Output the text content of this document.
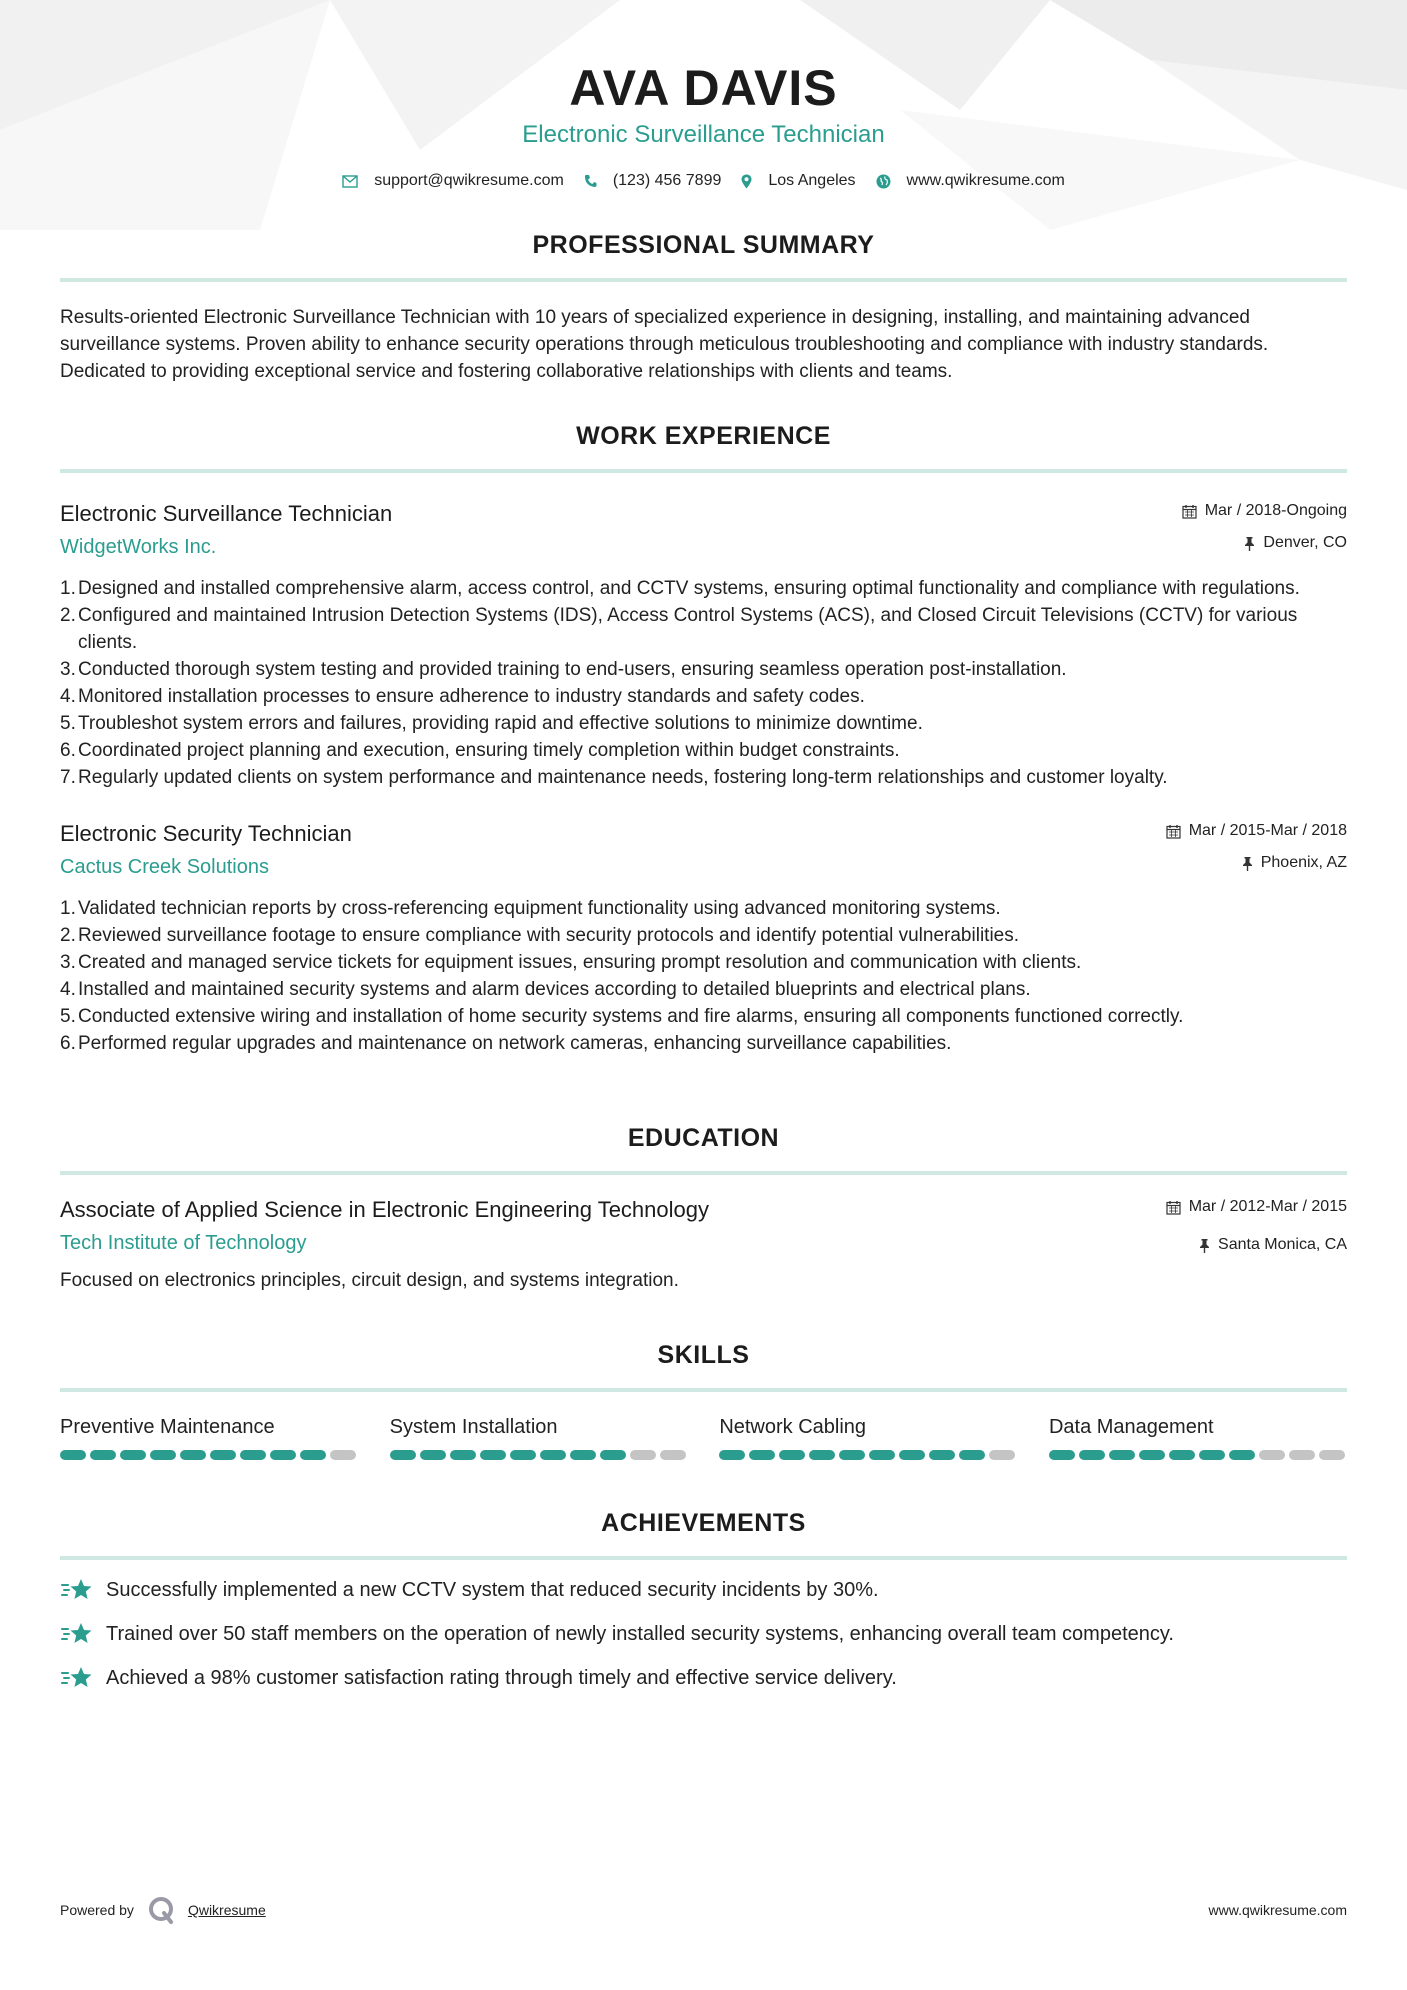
AVA DAVIS
Electronic Surveillance Technician
support@qwikresume.com	(123) 456 7899	Los Angeles	www.qwikresume.com
PROFESSIONAL SUMMARY

Results-oriented Electronic Surveillance Technician with 10 years of specialized experience in designing, installing, and maintaining advanced surveillance systems. Proven ability to enhance security operations through meticulous troubleshooting and compliance with industry standards. Dedicated to providing exceptional service and fostering collaborative relationships with clients and teams.

WORK EXPERIENCE
Electronic Surveillance Technician
WidgetWorks Inc.
Mar / 2018-Ongoing
Denver, CO
1. Designed and installed comprehensive alarm, access control, and CCTV systems, ensuring optimal functionality and compliance with regulations.
2. Configured and maintained Intrusion Detection Systems (IDS), Access Control Systems (ACS), and Closed Circuit Televisions (CCTV) for various clients.
3. Conducted thorough system testing and provided training to end-users, ensuring seamless operation post-installation.
4. Monitored installation processes to ensure adherence to industry standards and safety codes.
5. Troubleshot system errors and failures, providing rapid and effective solutions to minimize downtime.
6. Coordinated project planning and execution, ensuring timely completion within budget constraints.
7. Regularly updated clients on system performance and maintenance needs, fostering long-term relationships and customer loyalty.
Electronic Security Technician
Cactus Creek Solutions
Mar / 2015-Mar / 2018
Phoenix, AZ
1. Validated technician reports by cross-referencing equipment functionality using advanced monitoring systems.
2. Reviewed surveillance footage to ensure compliance with security protocols and identify potential vulnerabilities.
3. Created and managed service tickets for equipment issues, ensuring prompt resolution and communication with clients.
4. Installed and maintained security systems and alarm devices according to detailed blueprints and electrical plans.
5. Conducted extensive wiring and installation of home security systems and fire alarms, ensuring all components functioned correctly.
6. Performed regular upgrades and maintenance on network cameras, enhancing surveillance capabilities.
EDUCATION
Associate of Applied Science in Electronic Engineering Technology
Tech Institute of Technology
Mar / 2012-Mar / 2015
Santa Monica, CA

Focused on electronics principles, circuit design, and systems integration.

SKILLS
Preventive Maintenance	System Installation	Network Cabling	Data Management
ACHIEVEMENTS
Successfully implemented a new CCTV system that reduced security incidents by 30%.
Trained over 50 staff members on the operation of newly installed security systems, enhancing overall team competency.
Achieved a 98% customer satisfaction rating through timely and effective service delivery.
Powered by	Qwikresume	www.qwikresume.com
